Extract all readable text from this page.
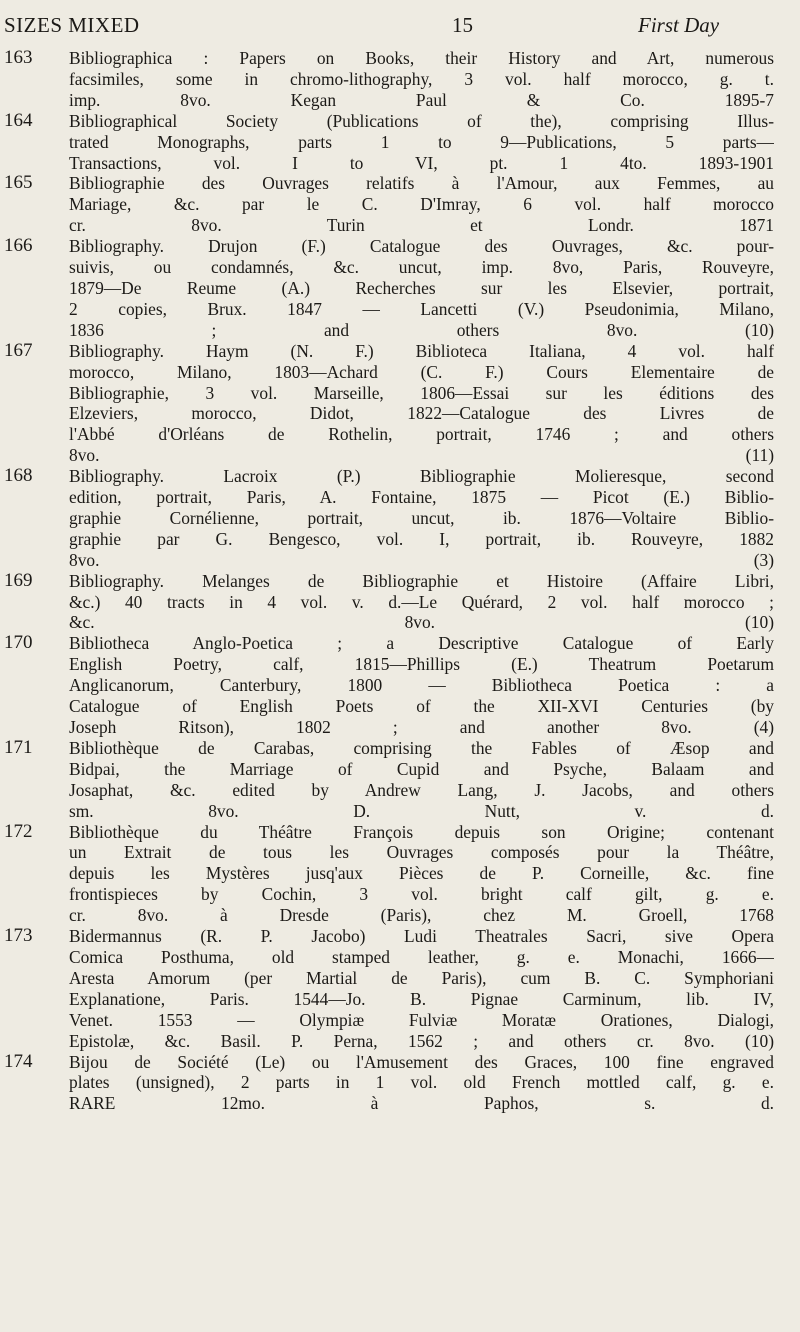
SIZES MIXED	15	First Day
163	Bibliographica : Papers on Books, their History and Art, numerous
facsimiles, some in chromo-lithography, 3 vol. half morocco, g. t.
imp. 8vo. Kegan Paul & Co. 1895-7
164	Bibliographical Society (Publications of the), comprising Illus-
trated Monographs, parts 1 to 9—Publications, 5 parts—
Transactions, vol. I to VI, pt. 1 4to. 1893-1901
165	Bibliographie des Ouvrages relatifs à l'Amour, aux Femmes, au
Mariage, &c. par le C. D'Imray, 6 vol. half morocco
cr. 8vo. Turin et Londr. 1871
166	Bibliography. Drujon (F.) Catalogue des Ouvrages, &c. pour-
suivis, ou condamnés, &c. uncut, imp. 8vo, Paris, Rouveyre,
1879—De Reume (A.) Recherches sur les Elsevier, portrait,
2 copies, Brux. 1847 — Lancetti (V.) Pseudonimia, Milano,
1836 ; and others 8vo. (10)
167	Bibliography. Haym (N. F.) Biblioteca Italiana, 4 vol. half
morocco, Milano, 1803—Achard (C. F.) Cours Elementaire de
Bibliographie, 3 vol. Marseille, 1806—Essai sur les éditions des
Elzeviers, morocco, Didot, 1822—Catalogue des Livres de
l'Abbé d'Orléans de Rothelin, portrait, 1746 ; and others
8vo. (11)
168	Bibliography. Lacroix (P.) Bibliographie Molieresque, second
edition, portrait, Paris, A. Fontaine, 1875 — Picot (E.) Biblio-
graphie Cornélienne, portrait, uncut, ib. 1876—Voltaire Biblio-
graphie par G. Bengesco, vol. I, portrait, ib. Rouveyre, 1882
8vo. (3)
169	Bibliography. Melanges de Bibliographie et Histoire (Affaire Libri,
&c.) 40 tracts in 4 vol. v. d.—Le Quérard, 2 vol. half morocco ;
&c. 8vo. (10)
170	Bibliotheca Anglo-Poetica ; a Descriptive Catalogue of Early
English Poetry, calf, 1815—Phillips (E.) Theatrum Poetarum
Anglicanorum, Canterbury, 1800 — Bibliotheca Poetica : a
Catalogue of English Poets of the XII-XVI Centuries (by
Joseph Ritson), 1802 ; and another 8vo. (4)
171	Bibliothèque de Carabas, comprising the Fables of Æsop and
Bidpai, the Marriage of Cupid and Psyche, Balaam and
Josaphat, &c. edited by Andrew Lang, J. Jacobs, and others
sm. 8vo. D. Nutt, v. d.
172	Bibliothèque du Théâtre François depuis son Origine; contenant
un Extrait de tous les Ouvrages composés pour la Théâtre,
depuis les Mystères jusq'aux Pièces de P. Corneille, &c. fine
frontispieces by Cochin, 3 vol. bright calf gilt, g. e.
cr. 8vo. à Dresde (Paris), chez M. Groell, 1768
173	Bidermannus (R. P. Jacobo) Ludi Theatrales Sacri, sive Opera
Comica Posthuma, old stamped leather, g. e. Monachi, 1666—
Aresta Amorum (per Martial de Paris), cum B. C. Symphoriani
Explanatione, Paris. 1544—Jo. B. Pignae Carminum, lib. IV,
Venet. 1553 — Olympiæ Fulviæ Moratæ Orationes, Dialogi,
Epistolæ, &c. Basil. P. Perna, 1562 ; and others cr. 8vo. (10)
174	Bijou de Société (Le) ou l'Amusement des Graces, 100 fine engraved
plates (unsigned), 2 parts in 1 vol. old French mottled calf, g. e.
RARE 12mo. à Paphos, s. d.
